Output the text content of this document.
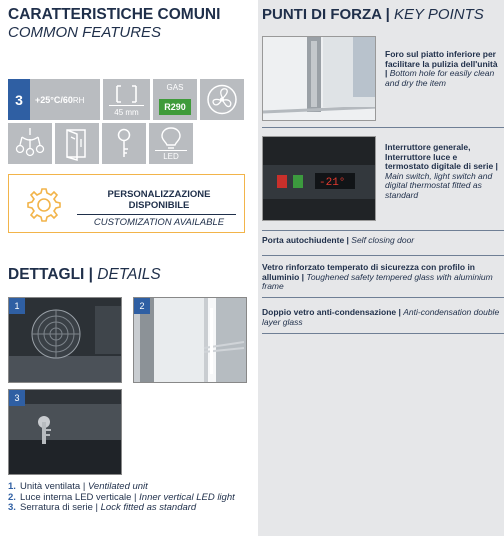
CARATTERISTICHE COMUNI
COMMON FEATURES
3	+25°C/60RH
45 mm
GAS
R290
LED
PERSONALIZZAZIONE DISPONIBILE
CUSTOMIZATION AVAILABLE
DETTAGLI | DETAILS
1	2
3
1. Unità ventilata | Ventilated unit
2. Luce interna LED verticale | Inner vertical LED light
3. Serratura di serie | Lock fitted as standard
PUNTI DI FORZA | KEY POINTS
Foro sul piatto inferiore per facilitare la pulizia dell'unità | Bottom hole for easily clean and dry the item
-21°
Interruttore generale, Interruttore luce e termostato digitale di serie | Main switch, light switch and digital thermostat fitted as standard
Porta autochiudente | Self closing door
Vetro rinforzato temperato di sicurezza con profilo in alluminio | Toughened safety tempered glass with aluminium frame
Doppio vetro anti-condensazione | Anti-condensation double layer glass
